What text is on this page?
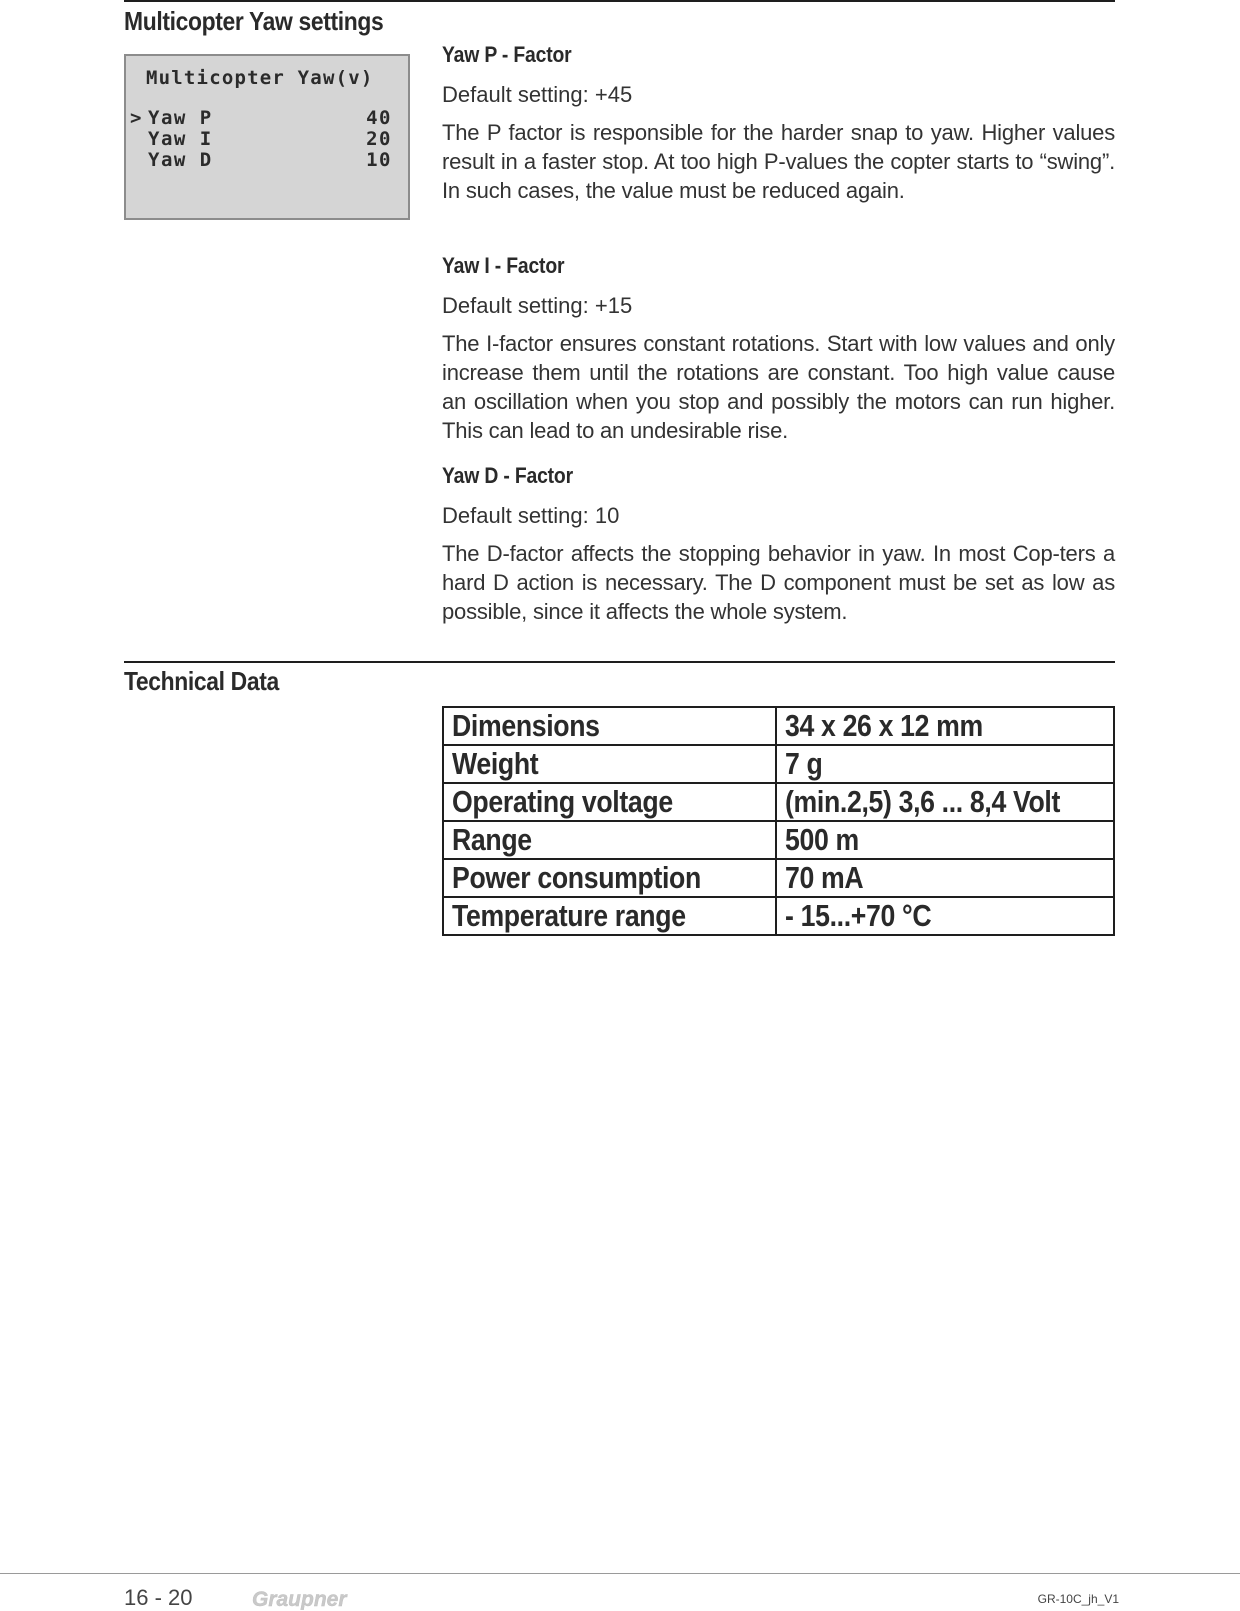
Multicopter Yaw settings
Multicopter Yaw(v)
> Yaw P	40
Yaw I	20
Yaw D	10
Yaw P - Factor

Default setting: +45

The P factor is responsible for the harder snap to yaw. Higher values result in a faster stop. At too high P-values the copter starts to “swing”. In such cases, the value must be reduced again.

Yaw I - Factor

Default setting: +15

The I-factor ensures constant rotations. Start with low values and only increase them until the rotations are constant. Too high value cause an oscillation when you stop and possibly the motors can run higher. This can lead to an undesirable rise.

Yaw D - Factor

Default setting: 10

The D-factor affects the stopping behavior in yaw. In most Cop-ters a hard D action is necessary. The D component must be set as low as possible, since it affects the whole system.

Technical Data
Dimensions	34 x 26 x 12 mm
Weight	7 g
Operating voltage	(min.2,5) 3,6 ... 8,4 Volt
Range	500 m
Power consumption	70 mA
Temperature range	- 15...+70 °C
16 - 20	Graupner	GR-10C_jh_V1
